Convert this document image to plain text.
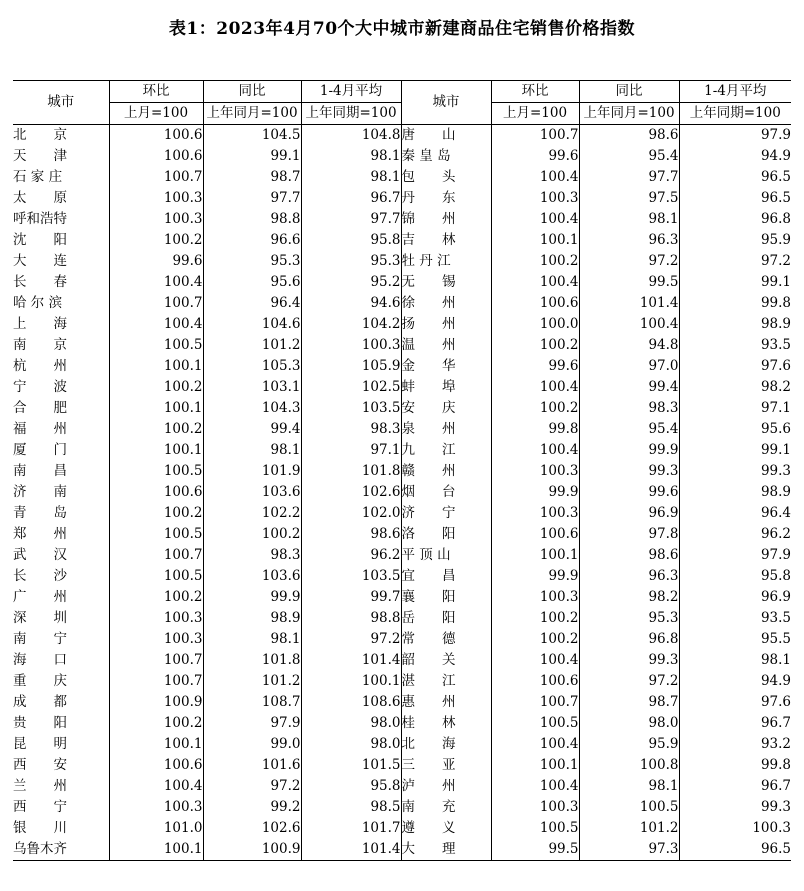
表1：2023年4月70个大中城市新建商品住宅销售价格指数
城市	环比	同比	1-4月平均	城市	环比	同比	1-4月平均
	上月=100	上年同月=100	上年同期=100		上月=100	上年同月=100	上年同期=100
北　　京	100.6	104.5	104.8	唐　　山	100.7	98.6	97.9
天　　津	100.6	99.1	98.1	秦 皇 岛	99.6	95.4	94.9
石 家 庄	100.7	98.7	98.1	包　　头	100.4	97.7	96.5
太　　原	100.3	97.7	96.7	丹　　东	100.3	97.5	96.5
呼和浩特	100.3	98.8	97.7	锦　　州	100.4	98.1	96.8
沈　　阳	100.2	96.6	95.8	吉　　林	100.1	96.3	95.9
大　　连	99.6	95.3	95.3	牡 丹 江	100.2	97.2	97.2
长　　春	100.4	95.6	95.2	无　　锡	100.4	99.5	99.1
哈 尔 滨	100.7	96.4	94.6	徐　　州	100.6	101.4	99.8
上　　海	100.4	104.6	104.2	扬　　州	100.0	100.4	98.9
南　　京	100.5	101.2	100.3	温　　州	100.2	94.8	93.5
杭　　州	100.1	105.3	105.9	金　　华	99.6	97.0	97.6
宁　　波	100.2	103.1	102.5	蚌　　埠	100.4	99.4	98.2
合　　肥	100.1	104.3	103.5	安　　庆	100.2	98.3	97.1
福　　州	100.2	99.4	98.3	泉　　州	99.8	95.4	95.6
厦　　门	100.1	98.1	97.1	九　　江	100.4	99.9	99.1
南　　昌	100.5	101.9	101.8	赣　　州	100.3	99.3	99.3
济　　南	100.6	103.6	102.6	烟　　台	99.9	99.6	98.9
青　　岛	100.2	102.2	102.0	济　　宁	100.3	96.9	96.4
郑　　州	100.5	100.2	98.6	洛　　阳	100.6	97.8	96.2
武　　汉	100.7	98.3	96.2	平 顶 山	100.1	98.6	97.9
长　　沙	100.5	103.6	103.5	宜　　昌	99.9	96.3	95.8
广　　州	100.2	99.9	99.7	襄　　阳	100.3	98.2	96.9
深　　圳	100.3	98.9	98.8	岳　　阳	100.2	95.3	93.5
南　　宁	100.3	98.1	97.2	常　　德	100.2	96.8	95.5
海　　口	100.7	101.8	101.4	韶　　关	100.4	99.3	98.1
重　　庆	100.7	101.2	100.1	湛　　江	100.6	97.2	94.9
成　　都	100.9	108.7	108.6	惠　　州	100.7	98.7	97.6
贵　　阳	100.2	97.9	98.0	桂　　林	100.5	98.0	96.7
昆　　明	100.1	99.0	98.0	北　　海	100.4	95.9	93.2
西　　安	100.6	101.6	101.5	三　　亚	100.1	100.8	99.8
兰　　州	100.4	97.2	95.8	泸　　州	100.4	98.1	96.7
西　　宁	100.3	99.2	98.5	南　　充	100.3	100.5	99.3
银　　川	101.0	102.6	101.7	遵　　义	100.5	101.2	100.3
乌鲁木齐	100.1	100.9	101.4	大　　理	99.5	97.3	96.5
